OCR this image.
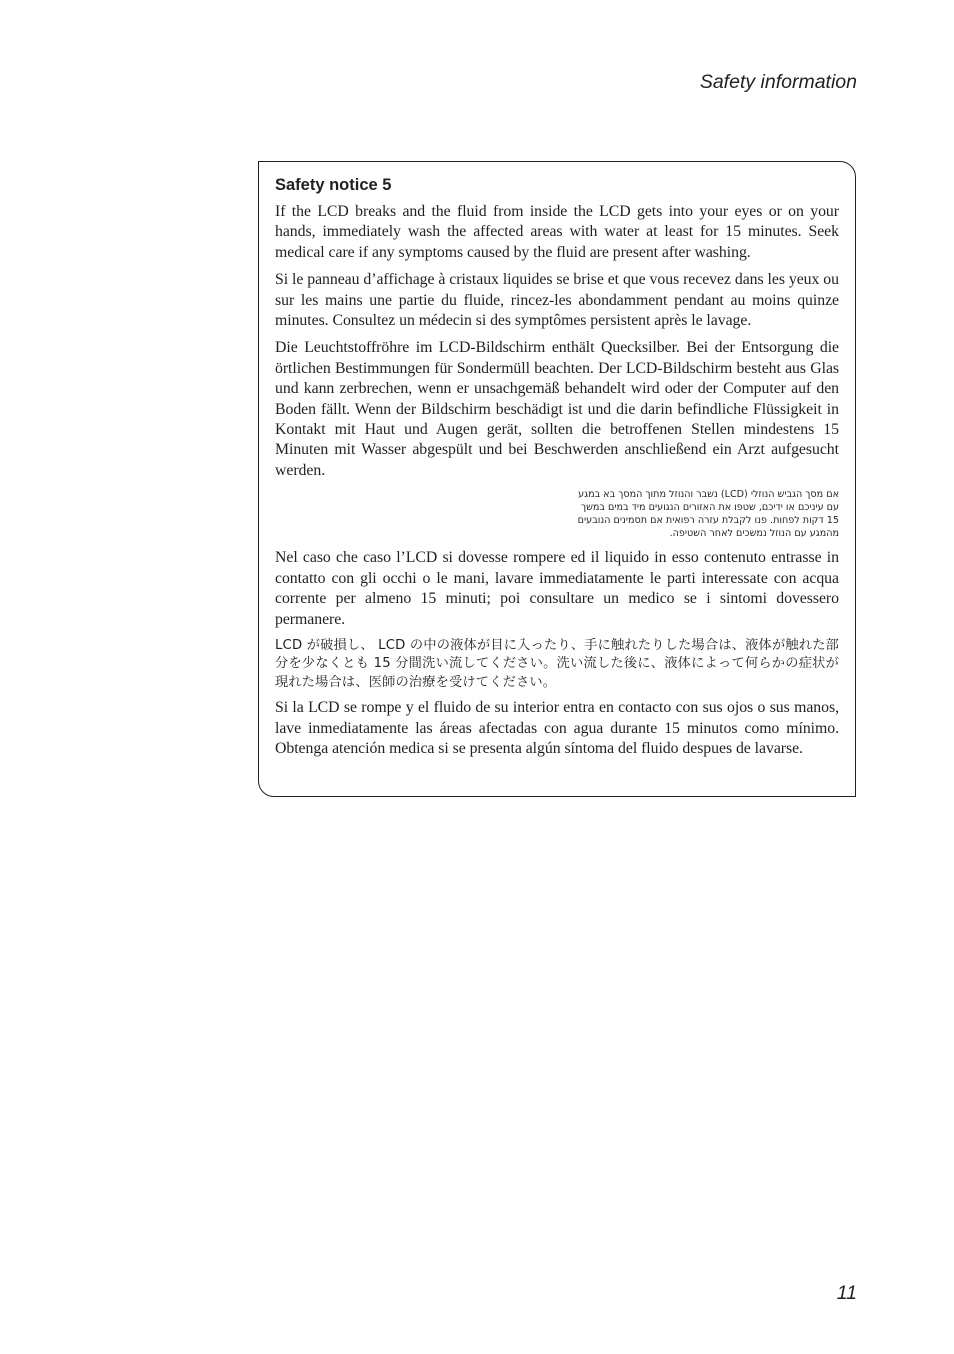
Safety information
Safety notice 5

If the LCD breaks and the fluid from inside the LCD gets into your eyes or on your hands, immediately wash the affected areas with water at least for 15 minutes. Seek medical care if any symptoms caused by the fluid are present after washing.

Si le panneau d’affichage à cristaux liquides se brise et que vous recevez dans les yeux ou sur les mains une partie du fluide, rincez-les abondamment pendant au moins quinze minutes. Consultez un médecin si des symptômes persistent après le lavage.

Die Leuchtstoffröhre im LCD-Bildschirm enthält Quecksilber. Bei der Entsorgung die örtlichen Bestimmungen für Sondermüll beachten. Der LCD-Bildschirm besteht aus Glas und kann zerbrechen, wenn er unsachgemäß behandelt wird oder der Computer auf den Boden fällt. Wenn der Bildschirm beschädigt ist und die darin befindliche Flüssigkeit in Kontakt mit Haut und Augen gerät, sollten die betroffenen Stellen mindestens 15 Minuten mit Wasser abgespült und bei Beschwerden anschließend ein Arzt aufgesucht werden.

אם מסך הגביש הנוזלי (LCD) נשבר והנוזל מתוך המסך בא במגע
עם עיניכם או ידיכם, שטפו את האזורים הנגועים מיד במים במשך
15 דקות לפחות. פנו לקבלת עזרה רפואית אם תסמינים הנובעים
מהמגע עם הנוזל נמשכים לאחר השטיפה.

Nel caso che caso l’LCD si dovesse rompere ed il liquido in esso contenuto entrasse in contatto con gli occhi o le mani, lavare immediatamente le parti interessate con acqua corrente per almeno 15 minuti; poi consultare un medico se i sintomi dovessero permanere.

LCD が破損し、 LCD の中の液体が目に入ったり、手に触れたりした場合は、液体が触れた部分を少なくとも 15 分間洗い流してください。洗い流した後に、液体によって何らかの症状が現れた場合は、医師の治療を受けてください。

Si la LCD se rompe y el fluido de su interior entra en contacto con sus ojos o sus manos, lave inmediatamente las áreas afectadas con agua durante 15 minutos como mínimo. Obtenga atención medica si se presenta algún síntoma del fluido despues de lavarse.

11
